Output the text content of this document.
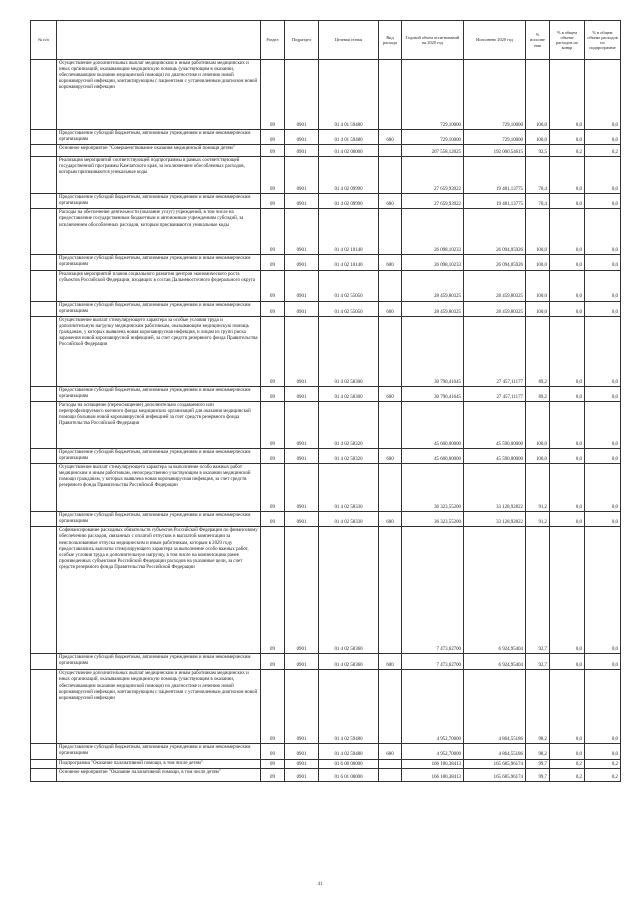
№ п/п		Раздел	Подраздел	Целевая статья	Вид расхода	Годовой объем ассигнований на 2020 год	Исполнено 2020 год	% исполне ния	% в общем объеме расходов по конкр	% в общем объеме расходов по подпрограмме
	Осуществление дополнительных выплат медицинским и иным работникам медицинских и иных организаций, оказывающим медицинскую помощь (участвующим в оказании, обеспечивающим оказание медицинской помощи) по диагностике и лечению новой коронавирусной инфекции, контактирующим с пациентами с установленным диагнозом новой коронавирусной инфекции	09	0901	01 4 01 59480		729,10000	729,10000	100,0	0,0	0,0
	Предоставление субсидий бюджетным, автономным учреждениям и иным некоммерческим организациям	09	0901	01 4 01 59480	600	729,10000	729,10000	100,0	0,0	0,0
	Основное мероприятие "Совершенствование оказания медицинской помощи детям"	09	0901	01 4 02 00000		207 558,12025	192 000,54615	92,5	0,2	0,2
	Реализация мероприятий соответствующей подпрограммы в рамках соответствующей государственной программы Камчатского края, за исключением обособленных расходов, которым присваиваются уникальные коды	09	0901	01 4 02 09990		27 659,93922	19 481,13775	70,4	0,0	0,0
	Предоставление субсидий бюджетным, автономным учреждениям и иным некоммерческим организациям	09	0901	01 4 02 09990	600	27 659,93922	19 481,13775	70,4	0,0	0,0
	Расходы на обеспечение деятельности (оказание услуг) учреждений, в том числе на предоставление государственным бюджетным и автономным учреждениям субсидий, за исключением обособленных расходов, которым присваиваются уникальные коды	09	0901	01 4 02 10140		26 098,10233	26 094,05926	100,0	0,0	0,0
	Предоставление субсидий бюджетным, автономным учреждениям и иным некоммерческим организациям	09	0901	01 4 02 10140	600	26 098,10233	26 094,05926	100,0	0,0	0,0
	Реализация мероприятий планов социального развития центров экономического роста субъектов Российской Федерации, входящих в состав Дальневосточного федерального округа	09	0901	01 4 02 55050		28 459,80325	28 459,80325	100,0	0,0	0,0
	Предоставление субсидий бюджетным, автономным учреждениям и иным некоммерческим организациям	09	0901	01 4 02 55050	600	28 459,80325	28 459,80325	100,0	0,0	0,0
	Осуществление выплат стимулирующего характера за особые условия труда и дополнительную нагрузку медицинским работникам, оказывающим медицинскую помощь гражданам, у которых выявлена новая коронавирусная инфекция, и лицам из групп риска заражения новой коронавирусной инфекцией, за счет средств резервного фонда Правительства Российской Федерации	09	0901	01 4 02 58300		30 790,41645	27 457,11177	89,2	0,0	0,0
	Предоставление субсидий бюджетным, автономным учреждениям и иным некоммерческим организациям	09	0901	01 4 02 58300	600	30 790,41645	27 457,11177	89,2	0,0	0,0
	Расходы на оснащение (переоснащение) дополнительно создаваемого или перепрофилируемого коечного фонда медицинских организаций для оказания медицинской помощи больным новой коронавирусной инфекцией за счет средств резервного фонда Правительства Российской Федерации	09	0901	01 4 02 58320		45 600,00000	45 590,00000	100,0	0,0	0,0
	Предоставление субсидий бюджетным, автономным учреждениям и иным некоммерческим организациям	09	0901	01 4 02 58320	600	45 600,00000	45 590,00000	100,0	0,0	0,0
	Осуществление выплат стимулирующего характера за выполнение особо важных работ медицинским и иным работникам, непосредственно участвующим в оказании медицинской помощи гражданам, у которых выявлена новая коронавирусная инфекция, за счет средств резервного фонда Правительства Российской Федерации	09	0901	01 4 02 58330		36 323,55200	33 128,92822	91,2	0,0	0,0
	Предоставление субсидий бюджетным, автономным учреждениям и иным некоммерческим организациям	09	0901	01 4 02 58330	600	36 323,55200	33 128,92822	91,2	0,0	0,0
	Софинансирование расходных обязательств субъектов Российской Федерации по финансовому обеспечению расходов, связанных с оплатой отпусков и выплатой компенсации за неиспользованные отпуска медицинским и иным работникам, которым в 2020 году предоставлялись выплаты стимулирующего характера за выполнение особо важных работ, особые условия труда и дополнительную нагрузку, в том числе на компенсацию ранее произведенных субъектами Российской Федерации расходов на указанные цели, за счет средств резервного фонда Правительства Российской Федерации	09	0901	01 4 02 58360		7 473,62700	6 924,95404	92,7	0,0	0,0
	Предоставление субсидий бюджетным, автономным учреждениям и иным некоммерческим организациям	09	0901	01 4 02 58360	600	7 473,62700	6 924,95404	92,7	0,0	0,0
	Осуществление дополнительных выплат медицинским и иным работникам медицинских и иных организаций, оказывающим медицинскую помощь (участвующим в оказании, обеспечивающим оказание медицинской помощи) по диагностике и лечению новой коронавирусной инфекции, контактирующим с пациентами с установленным диагнозом новой коронавирусной инфекции	09	0901	01 4 02 59480		4 952,70000	4 864,55186	98,2	0,0	0,0
	Предоставление субсидий бюджетным, автономным учреждениям и иным некоммерческим организациям	09	0901	01 4 02 59480	600	4 952,70000	4 864,55186	98,2	0,0	0,0
	Подпрограмма "Оказание паллиативной помощи, в том числе детям"	09	0901	01 6 00 00000		166 180,38413	165 685,96174	99,7	0,2	0,2
	Основное мероприятие "Оказание паллиативной помощи, в том числе детям"	09	0901	01 6 01 00000		166 180,38413	165 685,96174	99,7	0,2	0,2
41
